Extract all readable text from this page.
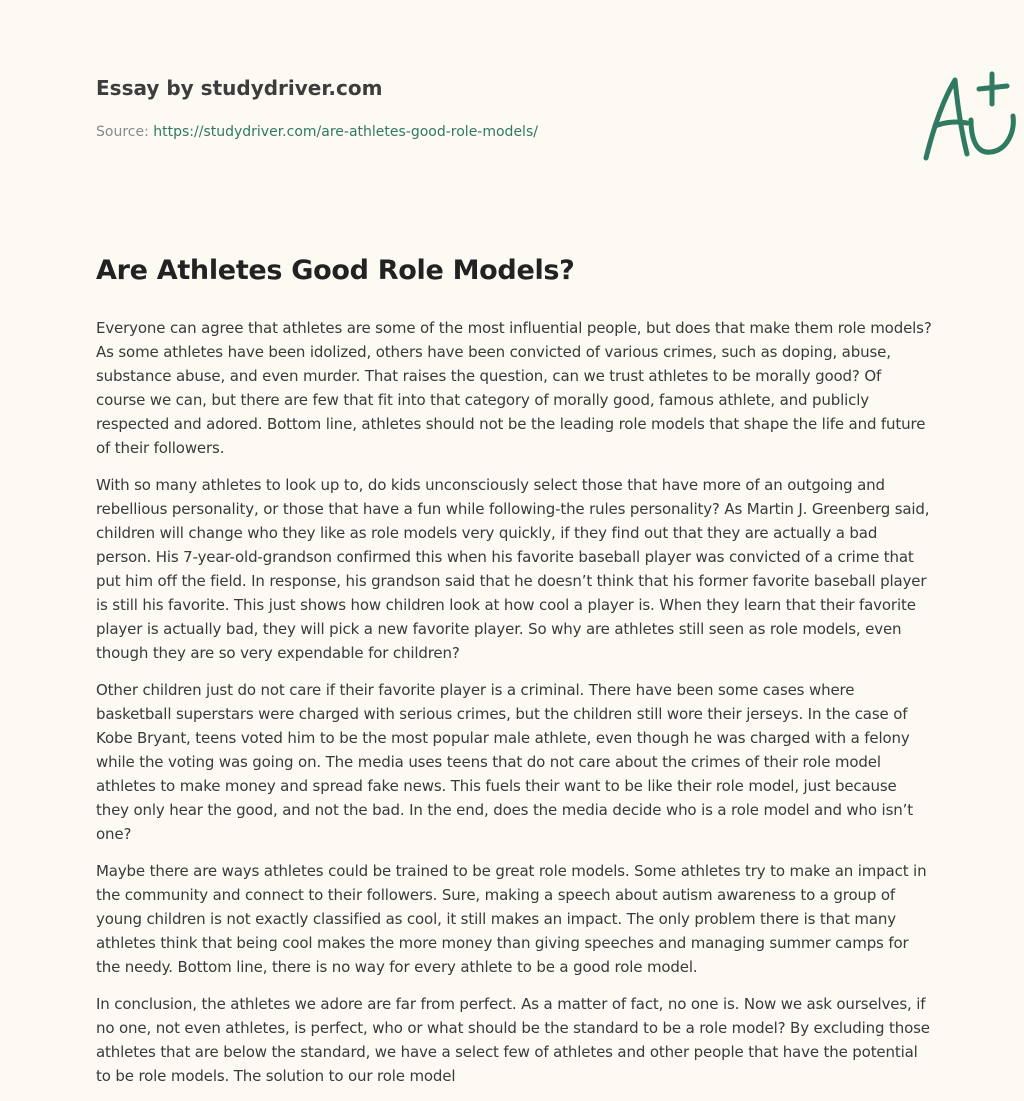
Essay by studydriver.com
Source: https://studydriver.com/are-athletes-good-role-models/
Are Athletes Good Role Models?

Everyone can agree that athletes are some of the most influential people, but does that make them role models? As some athletes have been idolized, others have been convicted of various crimes, such as doping, abuse, substance abuse, and even murder. That raises the question, can we trust athletes to be morally good? Of course we can, but there are few that fit into that category of morally good, famous athlete, and publicly respected and adored. Bottom line, athletes should not be the leading role models that shape the life and future of their followers.

With so many athletes to look up to, do kids unconsciously select those that have more of an outgoing and rebellious personality, or those that have a fun while following-the rules personality? As Martin J. Greenberg said, children will change who they like as role models very quickly, if they find out that they are actually a bad person. His 7-year-old-grandson confirmed this when his favorite baseball player was convicted of a crime that put him off the field. In response, his grandson said that he doesn’t think that his former favorite baseball player is still his favorite. This just shows how children look at how cool a player is. When they learn that their favorite player is actually bad, they will pick a new favorite player. So why are athletes still seen as role models, even though they are so very expendable for children?

Other children just do not care if their favorite player is a criminal. There have been some cases where basketball superstars were charged with serious crimes, but the children still wore their jerseys. In the case of Kobe Bryant, teens voted him to be the most popular male athlete, even though he was charged with a felony while the voting was going on. The media uses teens that do not care about the crimes of their role model athletes to make money and spread fake news. This fuels their want to be like their role model, just because they only hear the good, and not the bad. In the end, does the media decide who is a role model and who isn’t one?

Maybe there are ways athletes could be trained to be great role models. Some athletes try to make an impact in the community and connect to their followers. Sure, making a speech about autism awareness to a group of young children is not exactly classified as cool, it still makes an impact. The only problem there is that many athletes think that being cool makes the more money than giving speeches and managing summer camps for the needy. Bottom line, there is no way for every athlete to be a good role model.

In conclusion, the athletes we adore are far from perfect. As a matter of fact, no one is. Now we ask ourselves, if no one, not even athletes, is perfect, who or what should be the standard to be a role model? By excluding those athletes that are below the standard, we have a select few of athletes and other people that have the potential to be role models. The solution to our role model
